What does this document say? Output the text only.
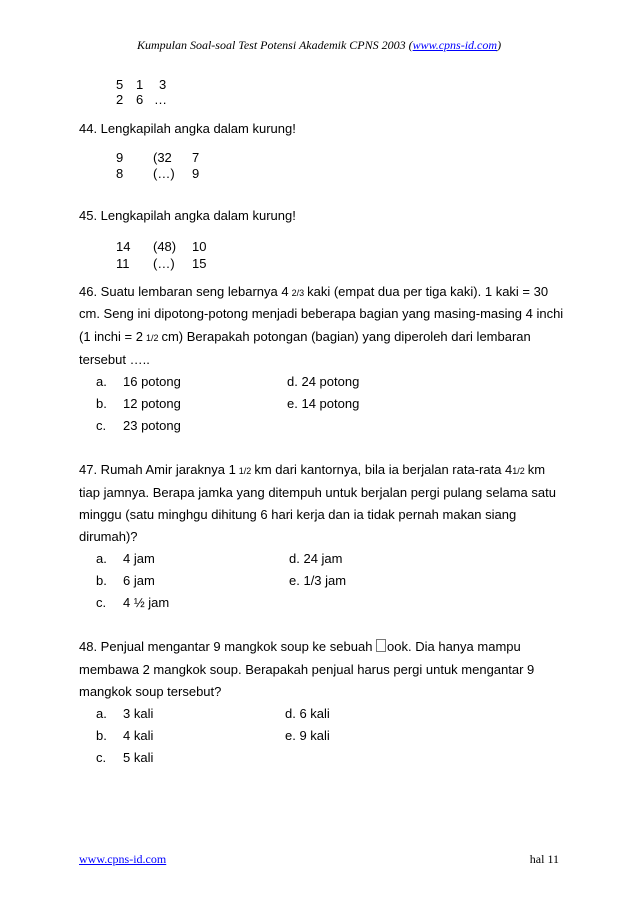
Kumpulan Soal-soal Test Potensi Akademik CPNS 2003 (www.cpns-id.com)
5 1 3
2 6 …
44. Lengkapilah angka dalam kurung!
9 (32 7
8 (…) 9
45. Lengkapilah angka dalam kurung!
14 (48) 10
11 (…) 15
46. Suatu lembaran seng lebarnya 4 2/3 kaki (empat dua per tiga kaki). 1 kaki = 30
cm. Seng ini dipotong-potong menjadi beberapa bagian yang masing-masing 4 inchi
(1 inchi = 2 1/2 cm) Berapakah potongan (bagian) yang diperoleh dari lembaran
tersebut …..
a. 16 potong
b. 12 potong
c. 23 potong
d. 24 potong
e. 14 potong
47. Rumah Amir jaraknya 1 1/2 km dari kantornya, bila ia berjalan rata-rata 41/2 km
tiap jamnya. Berapa jamka yang ditempuh untuk berjalan pergi pulang selama satu
minggu (satu minghgu dihitung 6 hari kerja dan ia tidak pernah makan siang
dirumah)?
a. 4 jam
b. 6 jam
c. 4 ½ jam
d. 24 jam
e. 1/3 jam
48. Penjual mengantar 9 mangkok soup ke sebuah ook. Dia hanya mampu
membawa 2 mangkok soup. Berapakah penjual harus pergi untuk mengantar 9
mangkok soup tersebut?
a. 3 kali
b. 4 kali
c. 5 kali
d. 6 kali
e. 9 kali
www.cpns-id.com	hal 11
